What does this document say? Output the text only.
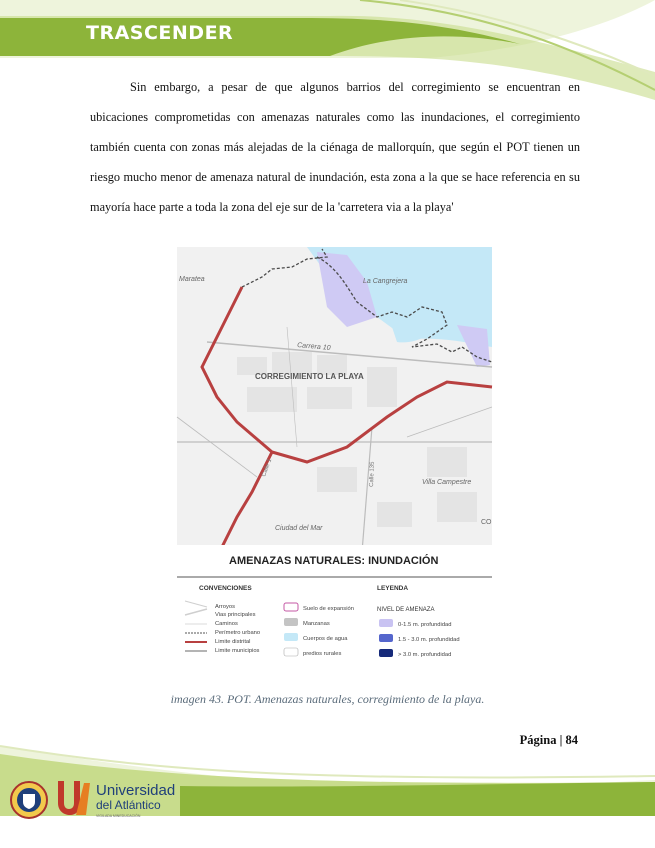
TRASCENDER

Sin embargo, a pesar de que algunos barrios del corregimiento se encuentran en ubicaciones comprometidas con amenazas naturales como las inundaciones, el corregimiento también cuenta con zonas más alejadas de la ciénaga de mallorquín, que según el POT tienen un riesgo mucho menor de amenaza natural de inundación, esta zona a la que se hace referencia en su mayoría hace parte a toda la zona del eje sur de la 'carretera via a la playa'

Maratea	La Cangrejera
Carrera 10
CORREGIMIENTO LA PLAYA
Calle 1	Calle 135	Villa Campestre
Ciudad del Mar
CO
AMENAZAS NATURALES: INUNDACIÓN
CONVENCIONES	LEYENDA
NIVEL DE AMENAZA
Arroyos
Vias principales
Caminos
Perímetro urbano
Limite distrital
Limite municipios
Suelo de expansión
Manzanas
Cuerpos de agua
predios rurales
0-1.5 m. profundidad
1.5 - 3.0 m. profundidad
> 3.0 m. profundidad
imagen 43. POT. Amenazas naturales, corregimiento de la playa.
Página | 84
Universidad
del Atlántico
VIGILADA MINEDUCACIÓN
